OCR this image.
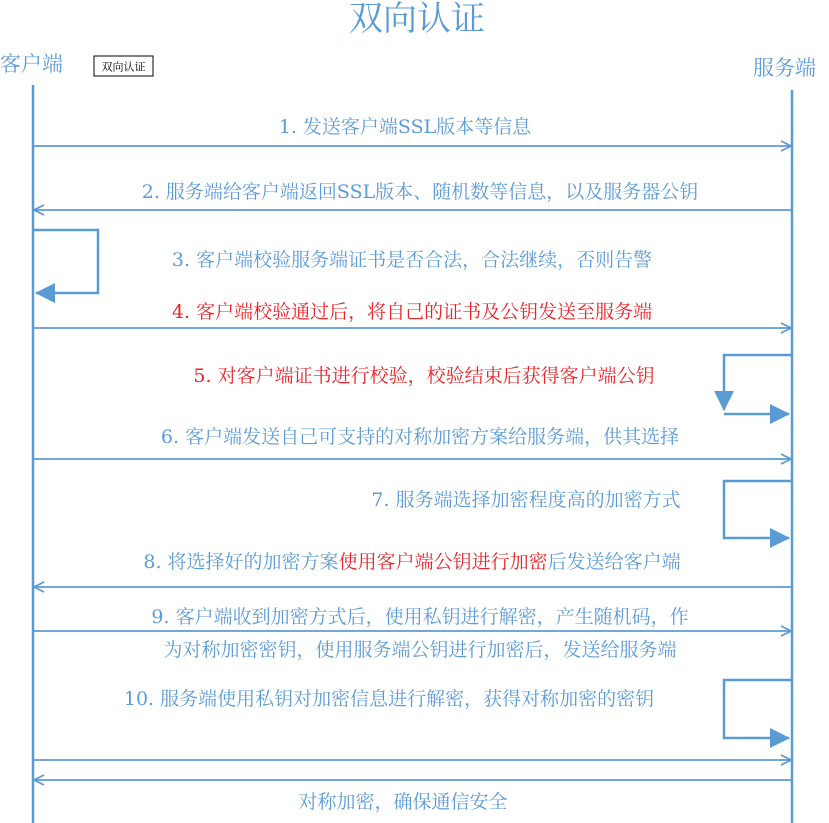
双向认证
客户端	服务端
双向认证
1. 发送客户端SSL版本等信息
2. 服务端给客户端返回SSL版本、随机数等信息，以及服务器公钥
3. 客户端校验服务端证书是否合法，合法继续，否则告警
4. 客户端校验通过后，将自己的证书及公钥发送至服务端
5. 对客户端证书进行校验，校验结束后获得客户端公钥
6. 客户端发送自己可支持的对称加密方案给服务端，供其选择
7. 服务端选择加密程度高的加密方式
8. 将选择好的加密方案使用客户端公钥进行加密后发送给客户端
9. 客户端收到加密方式后，使用私钥进行解密，产生随机码，作
为对称加密密钥，使用服务端公钥进行加密后，发送给服务端
10. 服务端使用私钥对加密信息进行解密，获得对称加密的密钥
对称加密，确保通信安全
